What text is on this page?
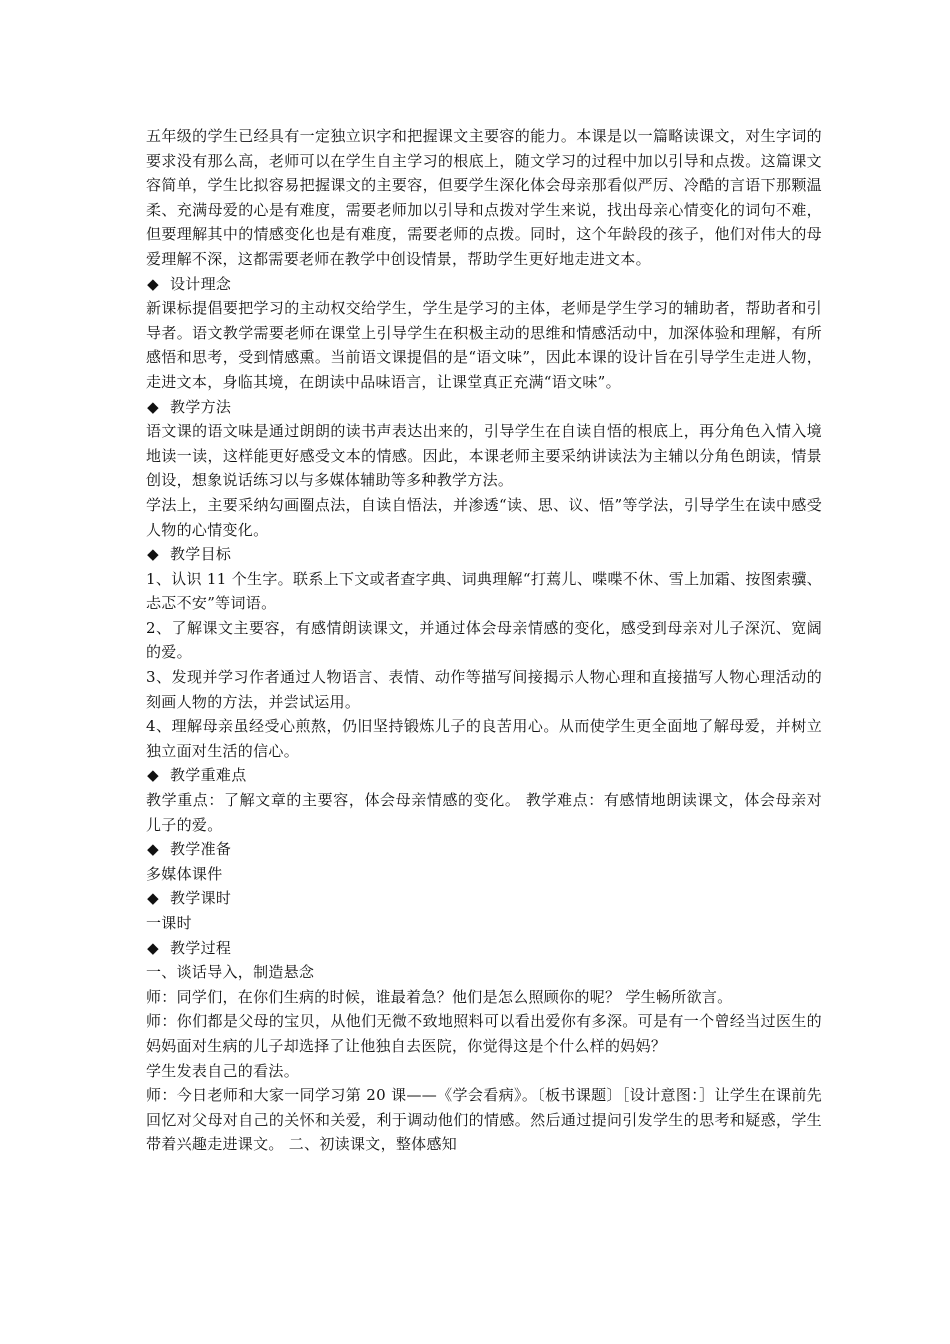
五年级的学生已经具有一定独立识字和把握课文主要容的能力。本课是以一篇略读课文，对生字词的要求没有那么高，老师可以在学生自主学习的根底上，随文学习的过程中加以引导和点拨。这篇课文容简单，学生比拟容易把握课文的主要容，但要学生深化体会母亲那看似严厉、冷酷的言语下那颗温柔、充满母爱的心是有难度，需要老师加以引导和点拨对学生来说，找出母亲心情变化的词句不难，但要理解其中的情感变化也是有难度，需要老师的点拨。同时，这个年龄段的孩子，他们对伟大的母爱理解不深，这都需要老师在教学中创设情景，帮助学生更好地走进文本。

◆ 设计理念

新课标提倡要把学习的主动权交给学生，学生是学习的主体，老师是学生学习的辅助者，帮助者和引导者。语文教学需要老师在课堂上引导学生在积极主动的思维和情感活动中，加深体验和理解，有所感悟和思考，受到情感熏。当前语文课提倡的是“语文味”，因此本课的设计旨在引导学生走进人物，走进文本，身临其境，在朗读中品味语言，让课堂真正充满“语文味”。

◆ 教学方法

语文课的语文味是通过朗朗的读书声表达出来的，引导学生在自读自悟的根底上，再分角色入情入境地读一读，这样能更好感受文本的情感。因此，本课老师主要采纳讲读法为主辅以分角色朗读，情景创设，想象说话练习以与多媒体辅助等多种教学方法。

学法上，主要采纳勾画圈点法，自读自悟法，并渗透“读、思、议、悟”等学法，引导学生在读中感受人物的心情变化。

◆ 教学目标

1、认识 11 个生字。联系上下文或者查字典、词典理解“打蔫儿、喋喋不休、雪上加霜、按图索骥、忐忑不安”等词语。

2、了解课文主要容，有感情朗读课文，并通过体会母亲情感的变化，感受到母亲对儿子深沉、宽阔的爱。

3、发现并学习作者通过人物语言、表情、动作等描写间接揭示人物心理和直接描写人物心理活动的刻画人物的方法，并尝试运用。

4、理解母亲虽经受心煎熬，仍旧坚持锻炼儿子的良苦用心。从而使学生更全面地了解母爱，并树立独立面对生活的信心。

◆ 教学重难点

教学重点：了解文章的主要容，体会母亲情感的变化。 教学难点：有感情地朗读课文，体会母亲对儿子的爱。

◆ 教学准备

多媒体课件

◆ 教学课时

一课时

◆ 教学过程

一、谈话导入，制造悬念

师：同学们，在你们生病的时候，谁最着急？他们是怎么照顾你的呢？ 学生畅所欲言。

师：你们都是父母的宝贝，从他们无微不致地照料可以看出爱你有多深。可是有一个曾经当过医生的妈妈面对生病的儿子却选择了让他独自去医院，你觉得这是个什么样的妈妈？

学生发表自己的看法。

师：今日老师和大家一同学习第 20 课——《学会看病》。〔板书课题〕［设计意图：］让学生在课前先回忆对父母对自己的关怀和关爱，利于调动他们的情感。然后通过提问引发学生的思考和疑惑，学生带着兴趣走进课文。 二、初读课文，整体感知
